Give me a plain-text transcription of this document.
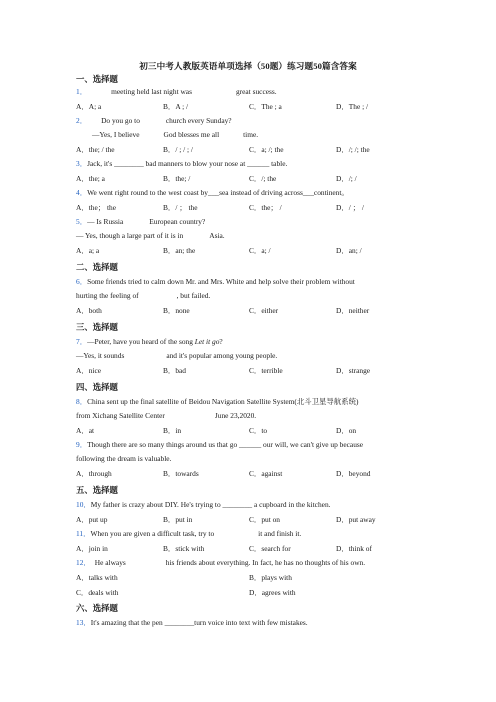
初三中考人教版英语单项选择（50题）练习题50篇含答案
一、选择题
1．	meeting held last night was	great success.
A．A; a	B．A ; /	C．The ; a	D．The ; /
2． Do you go to	church every Sunday?
—Yes, I believe	God blesses me all	time.
A．the; / the	B．/ ; / ; /	C．a; /; the	D．/; /; the
3．Jack, it's ________ bad manners to blow your nose at ______ table.
A．the; a	B．the; /	C．/; the	D．/; /
4．We went right round to the west coast by___sea instead of driving across___continent。
A．the； the	B．/ ； the	C．the； /	D．/ ； /
5．— Is Russia	European country?
— Yes, though a large part of it is in	Asia.
A．a; a	B．an; the	C．a; /	D．an; /
二、选择题
6．Some friends tried to calm down Mr. and Mrs. White and help solve their problem without
hurting the feeling of	, but failed.
A．both	B．none	C．either	D．neither
三、选择题
7．—Peter, have you heard of the song Let it go?
—Yes, it sounds	and it's popular among young people.
A．nice	B．bad	C．terrible	D．strange
四、选择题
8．China sent up the final satellite of Beidou Navigation Satellite System(北斗卫星导航系统)
from Xichang Satellite Center	June 23,2020.
A．at	B．in	C．to	D．on
9．Though there are so many things around us that go ______ our will, we can't give up because
following the dream is valuable.
A．through	B．towards	C．against	D．beyond
五、选择题
10．My father is crazy about DIY. He's trying to ________ a cupboard in the kitchen.
A．put up	B．put in	C．put on	D．put away
11．When you are given a difficult task, try to	it and finish it.
A．join in	B．stick with	C．search for	D．think of
12． He always	his friends about everything. In fact, he has no thoughts of his own.
A．talks with	B．plays with
C．deals with	D．agrees with
六、选择题
13．It's amazing that the pen ________turn voice into text with few mistakes.
